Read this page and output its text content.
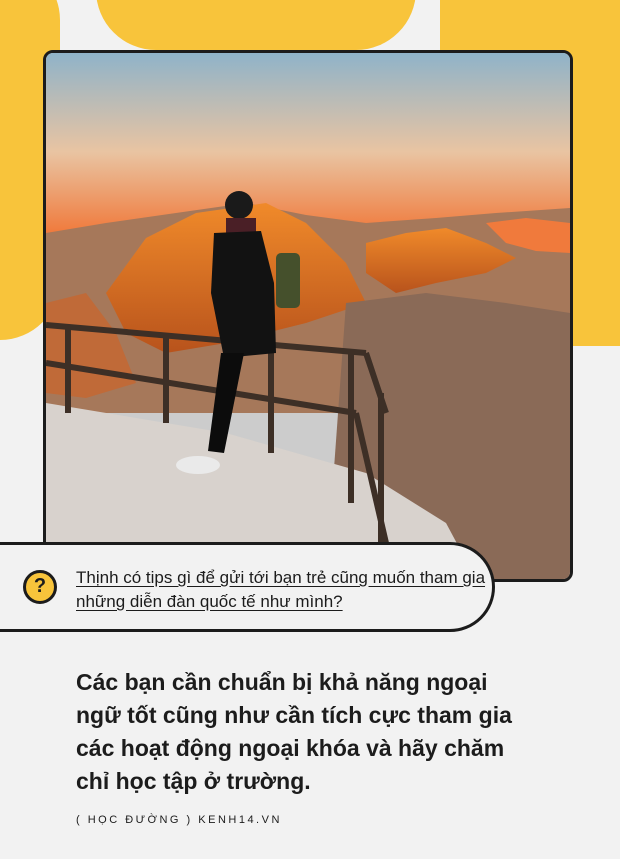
?	Thịnh có tips gì để gửi tới bạn trẻ cũng muốn tham gia những diễn đàn quốc tế như mình?
Các bạn cần chuẩn bị khả năng ngoại ngữ tốt cũng như cần tích cực tham gia các hoạt động ngoại khóa và hãy chăm chỉ học tập ở trường.
( HỌC ĐƯỜNG ) KENH14.VN
